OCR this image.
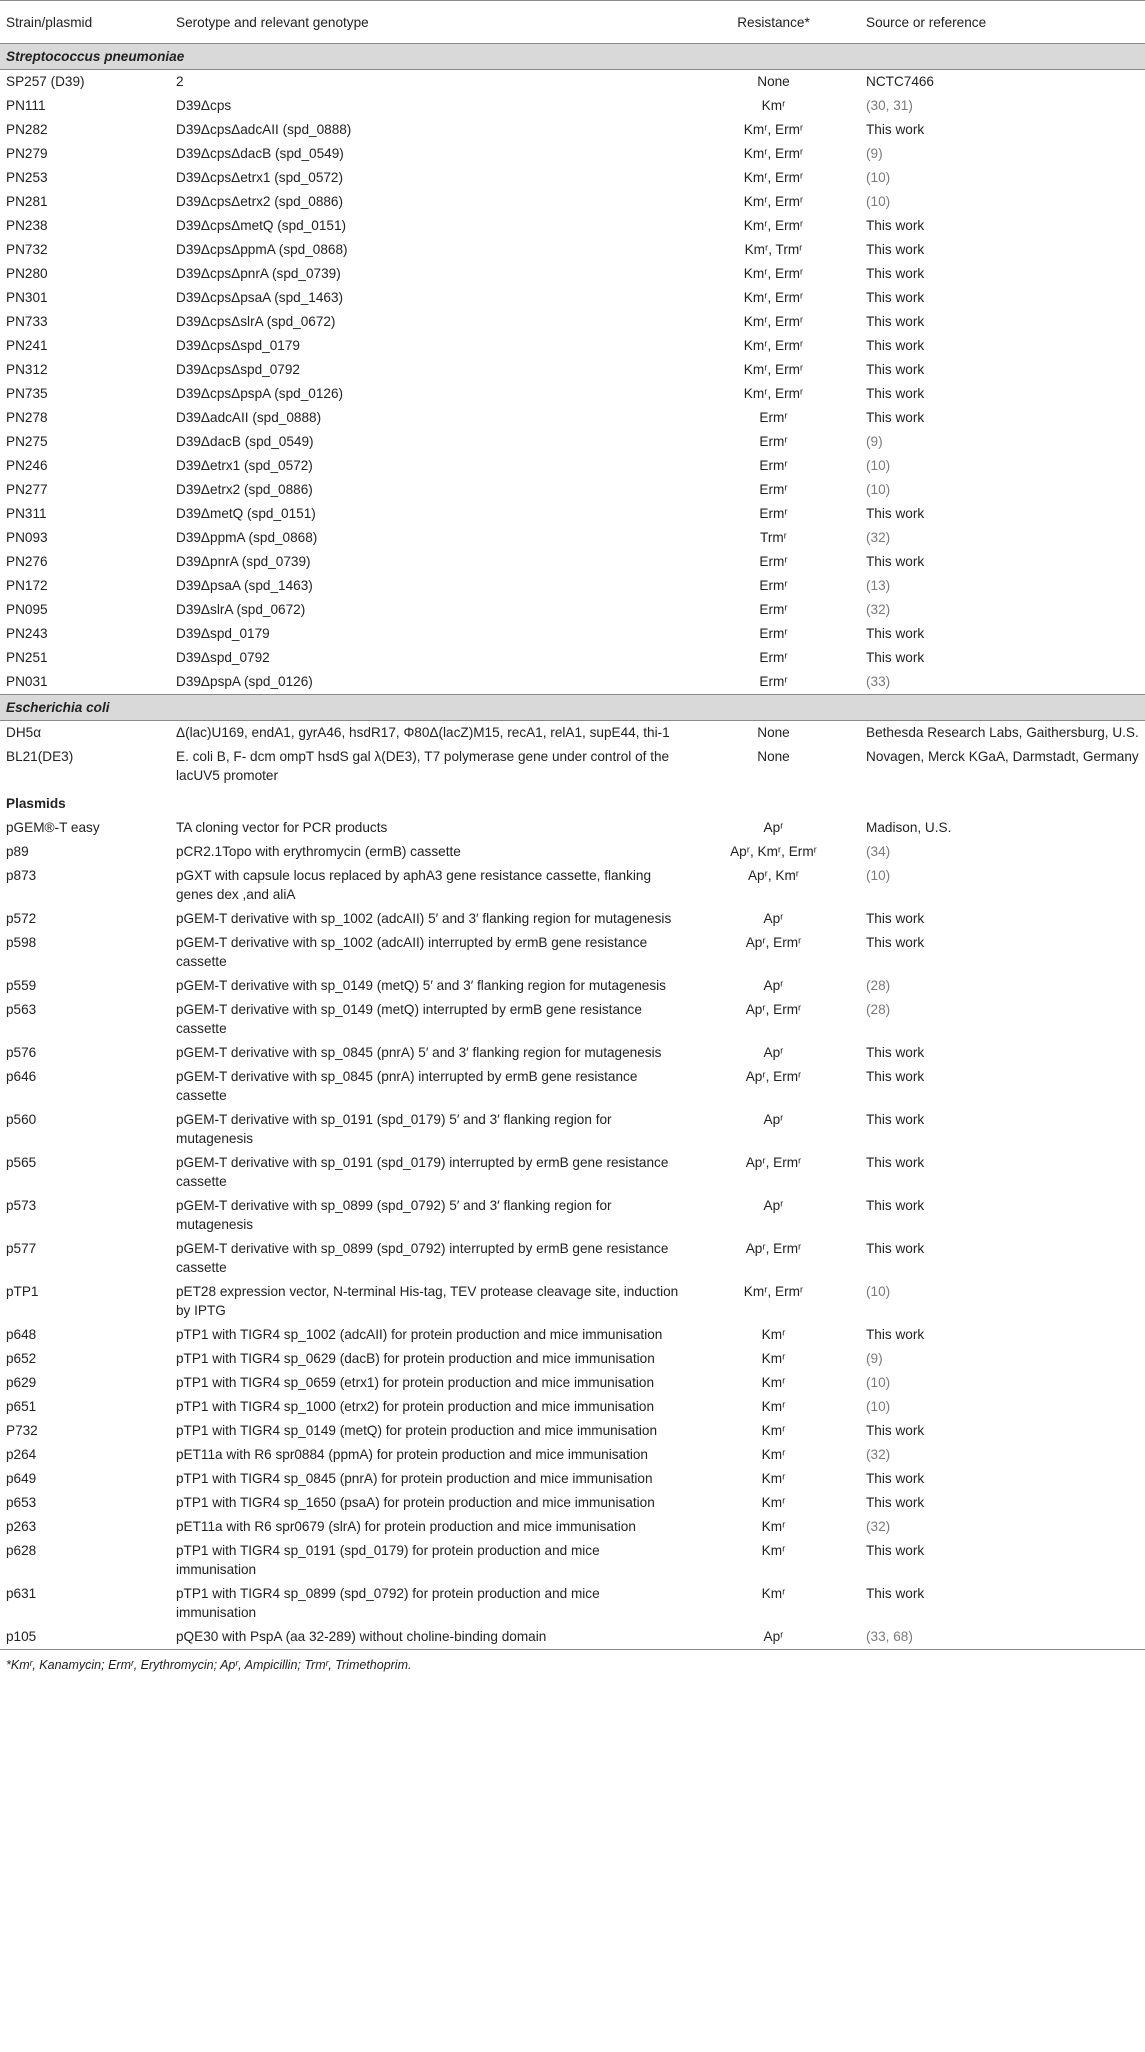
Strain/plasmid	Serotype and relevant genotype	Resistance*	Source or reference
Streptococcus pneumoniae			
SP257 (D39)	2	None	NCTC7466
PN111	D39Δcps	Kmʳ	(30, 31)
PN282	D39ΔcpsΔadcAII (spd_0888)	Kmʳ, Ermʳ	This work
PN279	D39ΔcpsΔdacB (spd_0549)	Kmʳ, Ermʳ	(9)
PN253	D39ΔcpsΔetrx1 (spd_0572)	Kmʳ, Ermʳ	(10)
PN281	D39ΔcpsΔetrx2 (spd_0886)	Kmʳ, Ermʳ	(10)
PN238	D39ΔcpsΔmetQ (spd_0151)	Kmʳ, Ermʳ	This work
PN732	D39ΔcpsΔppmA (spd_0868)	Kmʳ, Trmʳ	This work
PN280	D39ΔcpsΔpnrA (spd_0739)	Kmʳ, Ermʳ	This work
PN301	D39ΔcpsΔpsaA (spd_1463)	Kmʳ, Ermʳ	This work
PN733	D39ΔcpsΔslrA (spd_0672)	Kmʳ, Ermʳ	This work
PN241	D39ΔcpsΔspd_0179	Kmʳ, Ermʳ	This work
PN312	D39ΔcpsΔspd_0792	Kmʳ, Ermʳ	This work
PN735	D39ΔcpsΔpspA (spd_0126)	Kmʳ, Ermʳ	This work
PN278	D39ΔadcAII (spd_0888)	Ermʳ	This work
PN275	D39ΔdacB (spd_0549)	Ermʳ	(9)
PN246	D39Δetrx1 (spd_0572)	Ermʳ	(10)
PN277	D39Δetrx2 (spd_0886)	Ermʳ	(10)
PN311	D39ΔmetQ (spd_0151)	Ermʳ	This work
PN093	D39ΔppmA (spd_0868)	Trmʳ	(32)
PN276	D39ΔpnrA (spd_0739)	Ermʳ	This work
PN172	D39ΔpsaA (spd_1463)	Ermʳ	(13)
PN095	D39ΔslrA (spd_0672)	Ermʳ	(32)
PN243	D39Δspd_0179	Ermʳ	This work
PN251	D39Δspd_0792	Ermʳ	This work
PN031	D39ΔpspA (spd_0126)	Ermʳ	(33)
Escherichia coli			
DH5α	Δ(lac)U169, endA1, gyrA46, hsdR17, Φ80Δ(lacZ)M15, recA1, relA1, supE44, thi-1	None	Bethesda Research Labs, Gaithersburg, U.S.
BL21(DE3)	E. coli B, F- dcm ompT hsdS gal λ(DE3), T7 polymerase gene under control of the lacUV5 promoter	None	Novagen, Merck KGaA, Darmstadt, Germany
Plasmids			
pGEM®-T easy	TA cloning vector for PCR products	Apʳ	Madison, U.S.
p89	pCR2.1Topo with erythromycin (ermB) cassette	Apʳ, Kmʳ, Ermʳ	(34)
p873	pGXT with capsule locus replaced by aphA3 gene resistance cassette, flanking genes dex ,and aliA	Apʳ, Kmʳ	(10)
p572	pGEM-T derivative with sp_1002 (adcAII) 5′ and 3′ flanking region for mutagenesis	Apʳ	This work
p598	pGEM-T derivative with sp_1002 (adcAII) interrupted by ermB gene resistance cassette	Apʳ, Ermʳ	This work
p559	pGEM-T derivative with sp_0149 (metQ) 5′ and 3′ flanking region for mutagenesis	Apʳ	(28)
p563	pGEM-T derivative with sp_0149 (metQ) interrupted by ermB gene resistance cassette	Apʳ, Ermʳ	(28)
p576	pGEM-T derivative with sp_0845 (pnrA) 5′ and 3′ flanking region for mutagenesis	Apʳ	This work
p646	pGEM-T derivative with sp_0845 (pnrA) interrupted by ermB gene resistance cassette	Apʳ, Ermʳ	This work
p560	pGEM-T derivative with sp_0191 (spd_0179) 5′ and 3′ flanking region for mutagenesis	Apʳ	This work
p565	pGEM-T derivative with sp_0191 (spd_0179) interrupted by ermB gene resistance cassette	Apʳ, Ermʳ	This work
p573	pGEM-T derivative with sp_0899 (spd_0792) 5′ and 3′ flanking region for mutagenesis	Apʳ	This work
p577	pGEM-T derivative with sp_0899 (spd_0792) interrupted by ermB gene resistance cassette	Apʳ, Ermʳ	This work
pTP1	pET28 expression vector, N-terminal His-tag, TEV protease cleavage site, induction by IPTG	Kmʳ, Ermʳ	(10)
p648	pTP1 with TIGR4 sp_1002 (adcAII) for protein production and mice immunisation	Kmʳ	This work
p652	pTP1 with TIGR4 sp_0629 (dacB) for protein production and mice immunisation	Kmʳ	(9)
p629	pTP1 with TIGR4 sp_0659 (etrx1) for protein production and mice immunisation	Kmʳ	(10)
p651	pTP1 with TIGR4 sp_1000 (etrx2) for protein production and mice immunisation	Kmʳ	(10)
P732	pTP1 with TIGR4 sp_0149 (metQ) for protein production and mice immunisation	Kmʳ	This work
p264	pET11a with R6 spr0884 (ppmA) for protein production and mice immunisation	Kmʳ	(32)
p649	pTP1 with TIGR4 sp_0845 (pnrA) for protein production and mice immunisation	Kmʳ	This work
p653	pTP1 with TIGR4 sp_1650 (psaA) for protein production and mice immunisation	Kmʳ	This work
p263	pET11a with R6 spr0679 (slrA) for protein production and mice immunisation	Kmʳ	(32)
p628	pTP1 with TIGR4 sp_0191 (spd_0179) for protein production and mice immunisation	Kmʳ	This work
p631	pTP1 with TIGR4 sp_0899 (spd_0792) for protein production and mice immunisation	Kmʳ	This work
p105	pQE30 with PspA (aa 32-289) without choline-binding domain	Apʳ	(33, 68)
*Kmʳ, Kanamycin; Ermʳ, Erythromycin; Apʳ, Ampicillin; Trmʳ, Trimethoprim.
